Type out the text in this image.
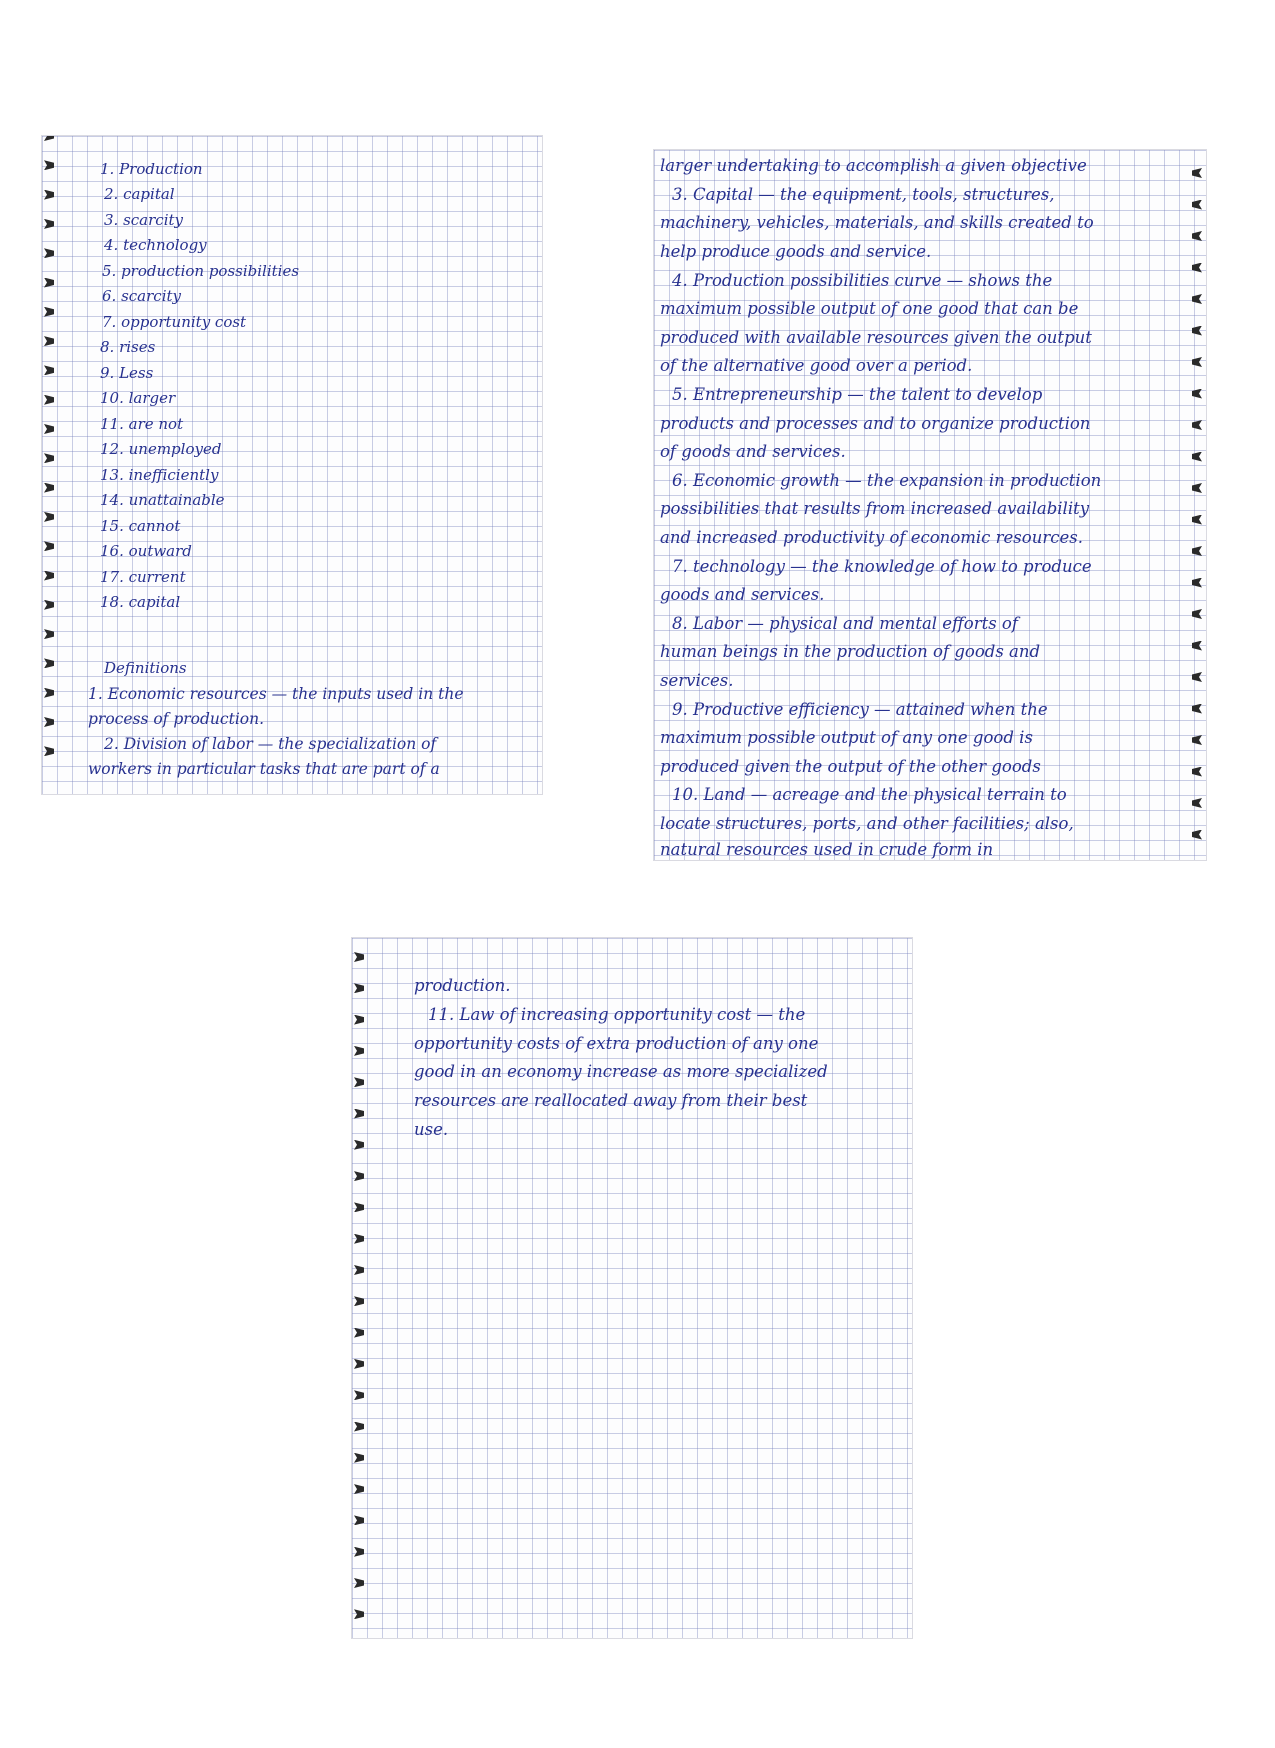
1. Production

2. capital

3. scarcity

4. technology

5. production possibilities

6. scarcity

7. opportunity cost

8. rises

9. Less

10. larger

11. are not

12. unemployed

13. inefficiently

14. unattainable

15. cannot

16. outward

17. current

18. capital

Definitions

1. Economic resources — the inputs used in the

process of production.

2. Division of labor — the specialization of

workers in particular tasks that are part of a

larger undertaking to accomplish a given objective

3. Capital — the equipment, tools, structures,

machinery, vehicles, materials, and skills created to

help produce goods and service.

4. Production possibilities curve — shows the

maximum possible output of one good that can be

produced with available resources given the output

of the alternative good over a period.

5. Entrepreneurship — the talent to develop

products and processes and to organize production

of goods and services.

6. Economic growth — the expansion in production

possibilities that results from increased availability

and increased productivity of economic resources.

7. technology — the knowledge of how to produce

goods and services.

8. Labor — physical and mental efforts of

human beings in the production of goods and

services.

9. Productive efficiency — attained when the

maximum possible output of any one good is

produced given the output of the other goods

10. Land — acreage and the physical terrain to

locate structures, ports, and other facilities; also,

natural resources used in crude form in

production.

11. Law of increasing opportunity cost — the

opportunity costs of extra production of any one

good in an economy increase as more specialized

resources are reallocated away from their best

use.
